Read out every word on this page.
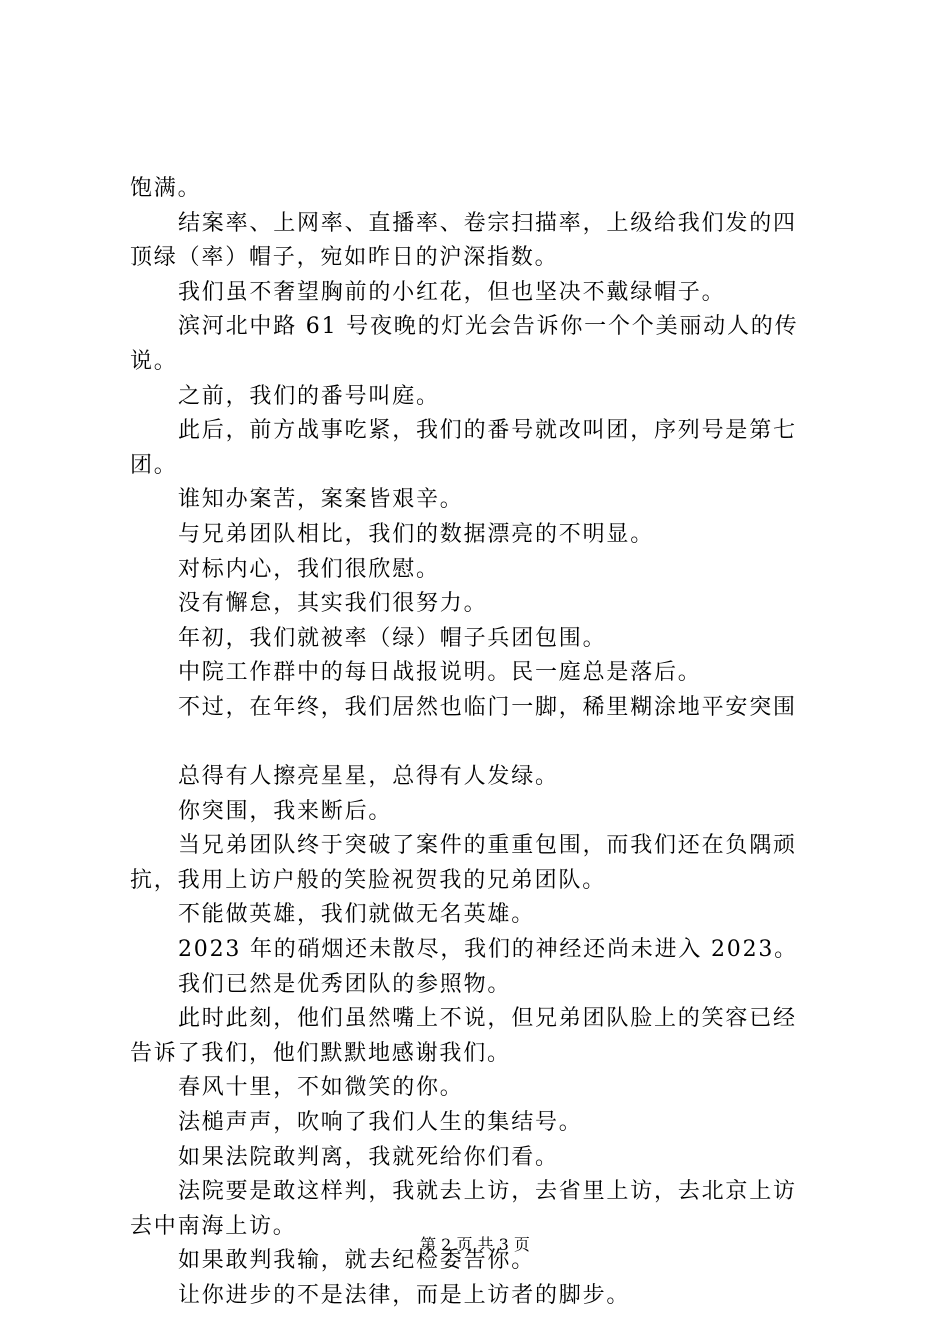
饱满。
结案率、上网率、直播率、卷宗扫描率，上级给我们发的四
顶绿（率）帽子，宛如昨日的沪深指数。
我们虽不奢望胸前的小红花，但也坚决不戴绿帽子。
滨河北中路 61 号夜晚的灯光会告诉你一个个美丽动人的传
说。
之前，我们的番号叫庭。
此后，前方战事吃紧，我们的番号就改叫团，序列号是第七
团。
谁知办案苦，案案皆艰辛。
与兄弟团队相比，我们的数据漂亮的不明显。
对标内心，我们很欣慰。
没有懈怠，其实我们很努力。
年初，我们就被率（绿）帽子兵团包围。
中院工作群中的每日战报说明。民一庭总是落后。
不过，在年终，我们居然也临门一脚，稀里糊涂地平安突围
总得有人擦亮星星，总得有人发绿。
你突围，我来断后。
当兄弟团队终于突破了案件的重重包围，而我们还在负隅顽
抗，我用上访户般的笑脸祝贺我的兄弟团队。
不能做英雄，我们就做无名英雄。
2023 年的硝烟还未散尽，我们的神经还尚未进入 2023。
我们已然是优秀团队的参照物。
此时此刻，他们虽然嘴上不说，但兄弟团队脸上的笑容已经
告诉了我们，他们默默地感谢我们。
春风十里，不如微笑的你。
法槌声声，吹响了我们人生的集结号。
如果法院敢判离，我就死给你们看。
法院要是敢这样判，我就去上访，去省里上访，去北京上访
去中南海上访。
如果敢判我输，就去纪检委告你。
让你进步的不是法律，而是上访者的脚步。
第 2 页 共 3 页
